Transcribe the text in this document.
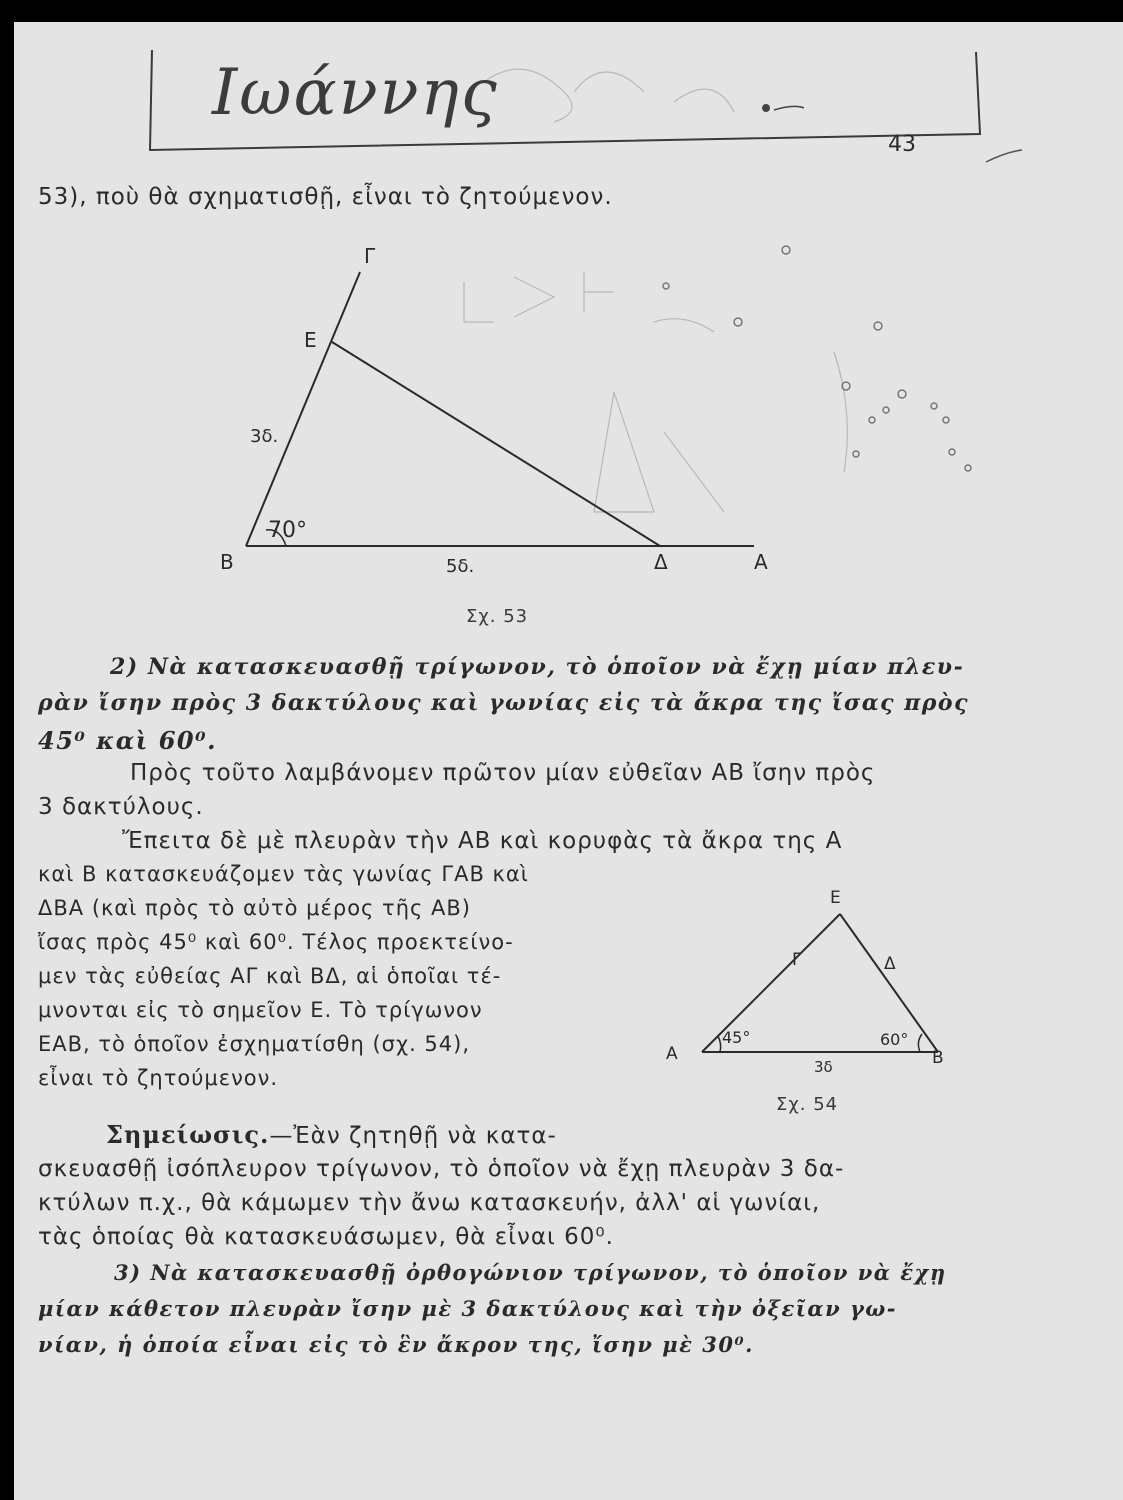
Ιωάννης
43
53), ποὺ θὰ σχηματισθῇ, εἶναι τὸ ζητούμενον.
Γ
Ε
3δ.
70°
Β	5δ.	Δ	Α
Σχ. 53
2) Νὰ κατασκευασθῇ τρίγωνον, τὸ ὁποῖον νὰ ἔχῃ μίαν πλευ-
ρὰν ἴσην πρὸς 3 δακτύλους καὶ γωνίας εἰς τὰ ἄκρα της ἴσας πρὸς
45⁰ καὶ 60⁰.
Πρὸς τοῦτο λαμβάνομεν πρῶτον μίαν εὐθεῖαν ΑΒ ἴσην πρὸς
3 δακτύλους.
Ἔπειτα δὲ μὲ πλευρὰν τὴν ΑΒ καὶ κορυφὰς τὰ ἄκρα της Α
καὶ Β κατασκευάζομεν τὰς γωνίας ΓΑΒ καὶ
ΔΒΑ (καὶ πρὸς τὸ αὐτὸ μέρος τῆς ΑΒ)
ἴσας πρὸς 45⁰ καὶ 60⁰. Τέλος προεκτείνο-
μεν τὰς εὐθείας ΑΓ καὶ ΒΔ, αἱ ὁποῖαι τέ-
μνονται εἰς τὸ σημεῖον Ε. Τὸ τρίγωνον
ΕΑΒ, τὸ ὁποῖον ἐσχηματίσθη (σχ. 54),
εἶναι τὸ ζητούμενον.
Ε
Γ	Δ
45°	60°
Α	Β
3δ
Σχ. 54
Σημείωσις.—Ἐὰν ζητηθῇ νὰ κατα-
σκευασθῇ ἰσόπλευρον τρίγωνον, τὸ ὁποῖον νὰ ἔχῃ πλευρὰν 3 δα-
κτύλων π.χ., θὰ κάμωμεν τὴν ἄνω κατασκευήν, ἀλλ' αἱ γωνίαι,
τὰς ὁποίας θὰ κατασκευάσωμεν, θὰ εἶναι 60⁰.
3) Νὰ κατασκευασθῇ ὀρθογώνιον τρίγωνον, τὸ ὁποῖον νὰ ἔχῃ
μίαν κάθετον πλευρὰν ἴσην μὲ 3 δακτύλους καὶ τὴν ὀξεῖαν γω-
νίαν, ἡ ὁποία εἶναι εἰς τὸ ἓν ἄκρον της, ἴσην μὲ 30⁰.
